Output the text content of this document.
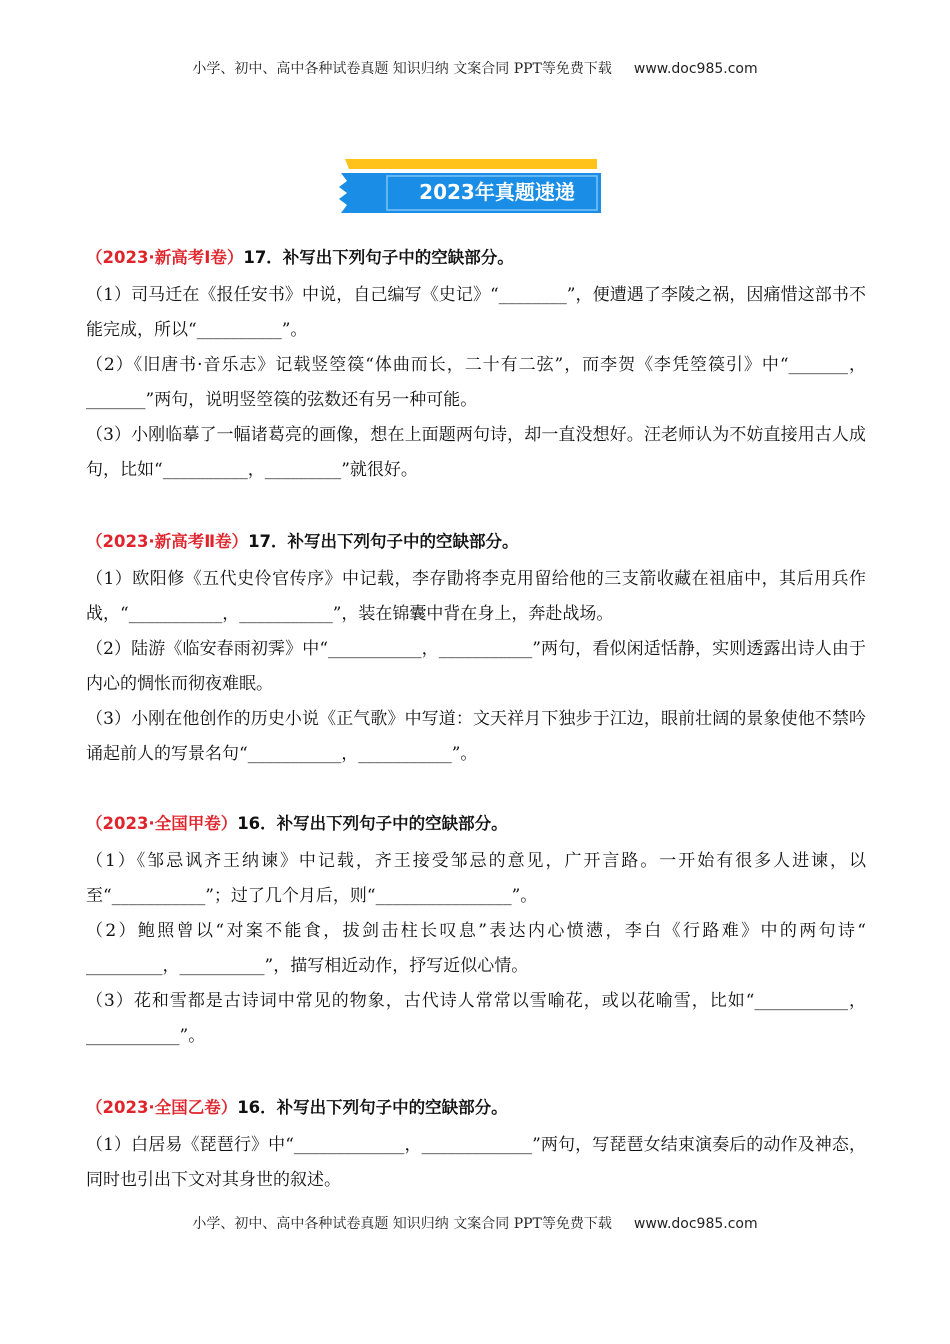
小学、初中、高中各种试卷真题 知识归纳 文案合同 PPT等免费下载 www.doc985.com
2023年真题速递
（2023·新高考Ⅰ卷）17．补写出下列句子中的空缺部分。

（1）司马迁在《报任安书》中说，自己编写《史记》“________”，便遭遇了李陵之祸，因痛惜这部书不能完成，所以“__________”。

（2）《旧唐书·音乐志》记载竖箜篌“体曲而长，二十有二弦”，而李贺《李凭箜篌引》中“_______，_______”两句，说明竖箜篌的弦数还有另一种可能。

（3）小刚临摹了一幅诸葛亮的画像，想在上面题两句诗，却一直没想好。汪老师认为不妨直接用古人成句，比如“__________，_________”就很好。

（2023·新高考Ⅱ卷）17．补写出下列句子中的空缺部分。

（1）欧阳修《五代史伶官传序》中记载，李存勖将李克用留给他的三支箭收藏在祖庙中，其后用兵作战，“___________，___________”，装在锦囊中背在身上，奔赴战场。

（2）陆游《临安春雨初霁》中“___________，___________”两句，看似闲适恬静，实则透露出诗人由于内心的惆怅而彻夜难眠。

（3）小刚在他创作的历史小说《正气歌》中写道：文天祥月下独步于江边，眼前壮阔的景象使他不禁吟诵起前人的写景名句“___________，___________”。

（2023·全国甲卷）16．补写出下列句子中的空缺部分。

（1）《邹忌讽齐王纳谏》中记载，齐王接受邹忌的意见，广开言路。一开始有很多人进谏，以至“___________”；过了几个月后，则“________________”。

（2）鲍照曾以“对案不能食，拔剑击柱长叹息”表达内心愤懑，李白《行路难》中的两句诗“ _________，__________”，描写相近动作，抒写近似心情。

（3）花和雪都是古诗词中常见的物象，古代诗人常常以雪喻花，或以花喻雪，比如“___________，___________”。

（2023·全国乙卷）16．补写出下列句子中的空缺部分。

（1）白居易《琵琶行》中“_____________，_____________”两句，写琵琶女结束演奏后的动作及神态，同时也引出下文对其身世的叙述。

小学、初中、高中各种试卷真题 知识归纳 文案合同 PPT等免费下载 www.doc985.com
